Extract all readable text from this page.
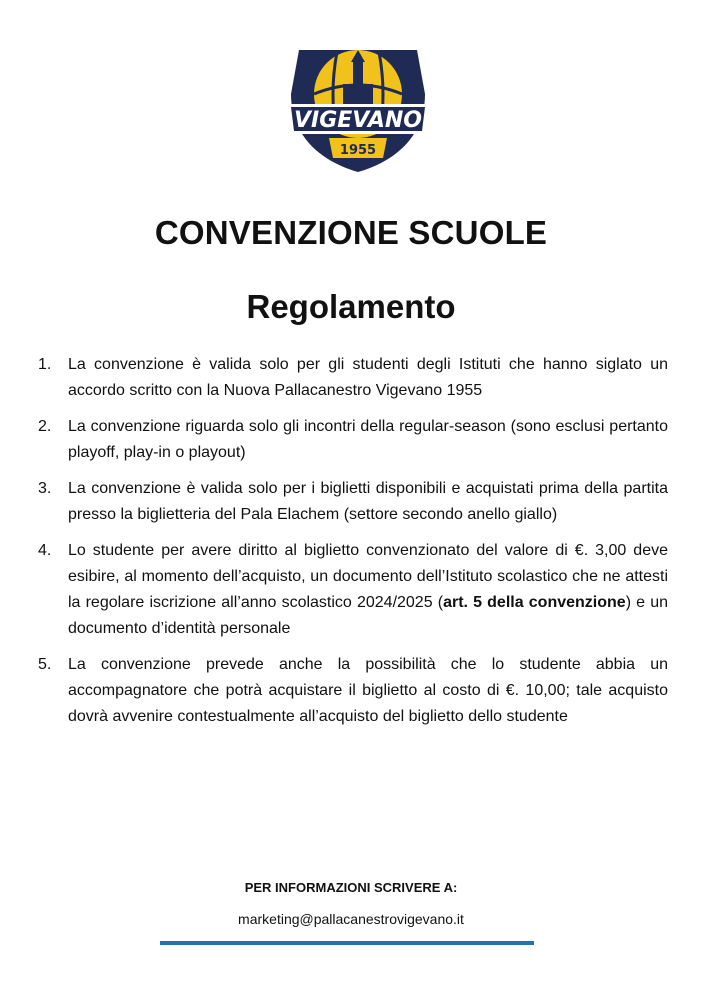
VIGEVANO
1955
CONVENZIONE SCUOLE
Regolamento
1.	La convenzione è valida solo per gli studenti degli Istituti che hanno siglato un accordo scritto con la Nuova Pallacanestro Vigevano 1955
2.	La convenzione riguarda solo gli incontri della regular-season (sono esclusi pertanto playoff, play-in o playout)
3.	La convenzione è valida solo per i biglietti disponibili e acquistati prima della partita presso la biglietteria del Pala Elachem (settore secondo anello giallo)
4.	Lo studente per avere diritto al biglietto convenzionato del valore di €. 3,00 deve esibire, al momento dell’acquisto, un documento dell’Istituto scolastico che ne attesti la regolare iscrizione all’anno scolastico 2024/2025 (art. 5 della convenzione) e un documento d’identità personale
5.	La convenzione prevede anche la possibilità che lo studente abbia un accompagnatore che potrà acquistare il biglietto al costo di €. 10,00; tale acquisto dovrà avvenire contestualmente all’acquisto del biglietto dello studente
PER INFORMAZIONI SCRIVERE A:
marketing@pallacanestrovigevano.it
